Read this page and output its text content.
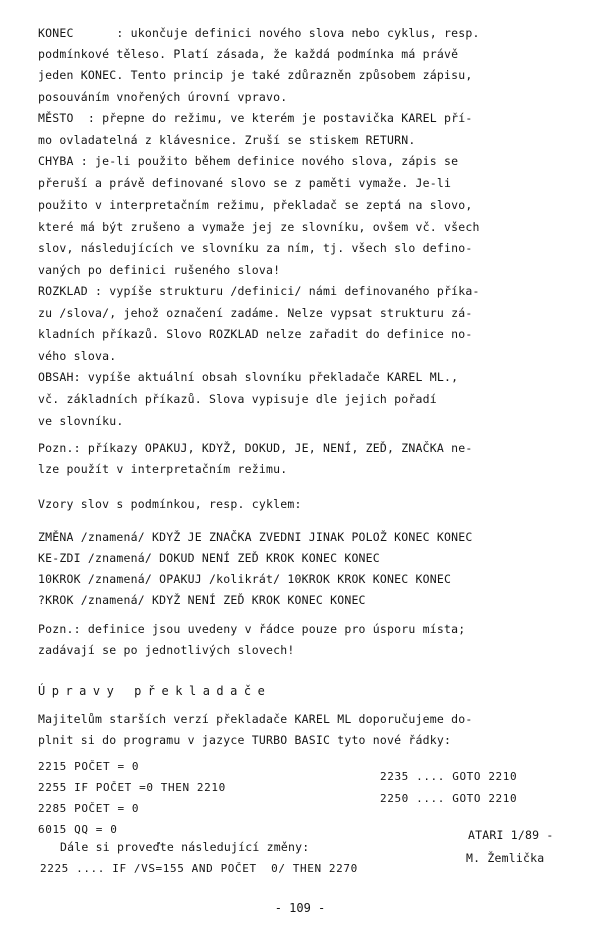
KONEC      : ukončuje definici nového slova nebo cyklus, resp.
podmínkové těleso. Platí zásada, že každá podmínka má právě
jeden KONEC. Tento princip je také zdůrazněn způsobem zápisu,
posouváním vnořených úrovní vpravo.
MĚSTO  : přepne do režimu, ve kterém je postavička KAREL pří-
mo ovladatelná z klávesnice. Zruší se stiskem RETURN.
CHYBA : je-li použito během definice nového slova, zápis se
přeruší a právě definované slovo se z paměti vymaže. Je-li
použito v interpretačním režimu, překladač se zeptá na slovo,
které má být zrušeno a vymaže jej ze slovníku, ovšem vč. všech
slov, následujících ve slovníku za ním, tj. všech slo defino-
vaných po definici rušeného slova!
ROZKLAD : vypíše strukturu /definici/ námi definovaného příka-
zu /slova/, jehož označení zadáme. Nelze vypsat strukturu zá-
kladních příkazů. Slovo ROZKLAD nelze zařadit do definice no-
vého slova.
OBSAH: vypíše aktuální obsah slovníku překladače KAREL ML.,
vč. základních příkazů. Slova vypisuje dle jejich pořadí
ve slovníku.
Pozn.: příkazy OPAKUJ, KDYŽ, DOKUD, JE, NENÍ, ZEĎ, ZNAČKA ne-
lze použít v interpretačním režimu.
Vzory slov s podmínkou, resp. cyklem:
ZMĚNA /znamená/ KDYŽ JE ZNAČKA ZVEDNI JINAK POLOŽ KONEC KONEC
KE-ZDI /znamená/ DOKUD NENÍ ZEĎ KROK KONEC KONEC
10KROK /znamená/ OPAKUJ /kolikrát/ 10KROK KROK KONEC KONEC
?KROK /znamená/ KDYŽ NENÍ ZEĎ KROK KONEC KONEC
Pozn.: definice jsou uvedeny v řádce pouze pro úsporu místa;
zadávají se po jednotlivých slovech!
Úpravy překladače
Majitelům starších verzí překladače KAREL ML doporučujeme do-
plnit si do programu v jazyce TURBO BASIC tyto nové řádky:
2215 POČET = 0
2255 IF POČET =0 THEN 2210
2285 POČET = 0
6015 QQ = 0
2235 .... GOTO 2210
2250 .... GOTO 2210
Dále si proveďte následující změny:
2225 .... IF /VS=155 AND POČET  0/ THEN 2270
ATARI 1/89 -
M. Žemlička
- 109 -
